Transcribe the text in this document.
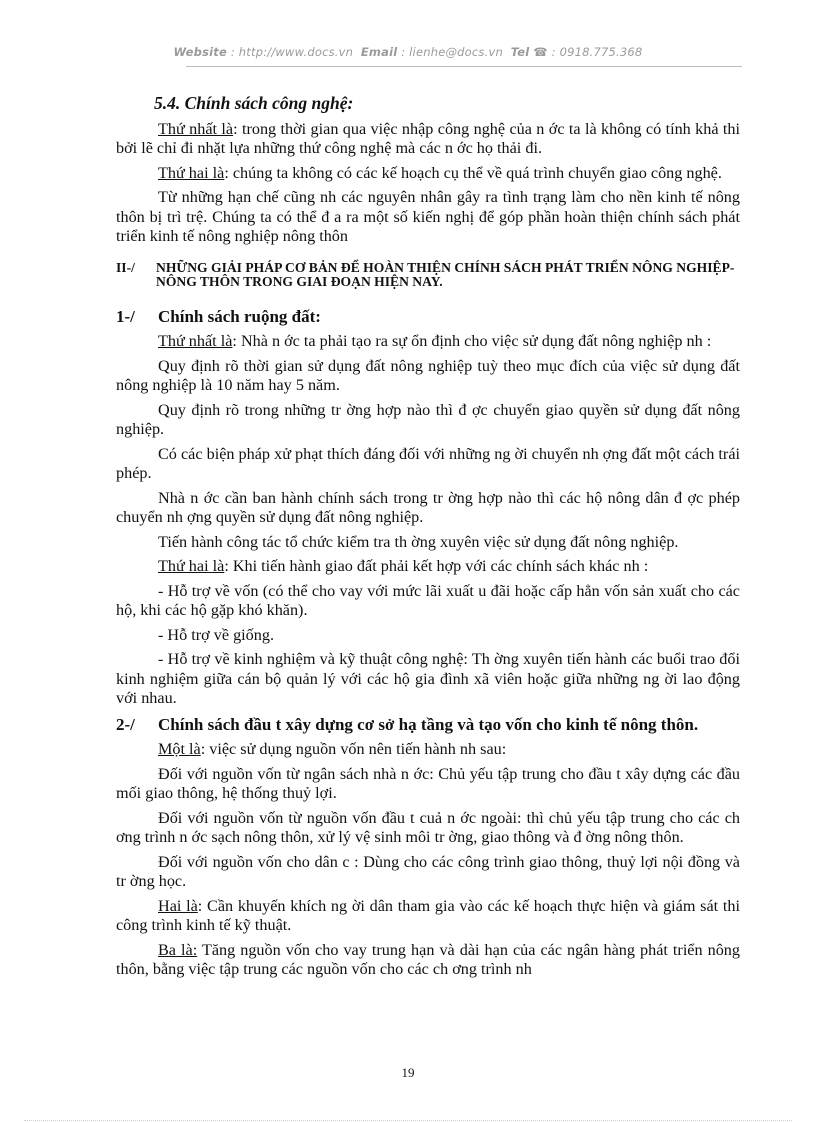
Website : http://www.docs.vn Email : lienhe@docs.vn Tel ☎ : 0918.775.368
5.4. Chính sách công nghệ:

Thứ nhất là: trong thời gian qua việc nhập công nghệ của n ớc ta là không có tính khả thi bởi lẽ chỉ đi nhặt lựa những thứ công nghệ mà các n ớc họ thải đi.

Thứ hai là: chúng ta không có các kế hoạch cụ thể về quá trình chuyển giao công nghệ.

Từ những hạn chế cũng nh các nguyên nhân gây ra tình trạng làm cho nền kinh tế nông thôn bị trì trệ. Chúng ta có thể đ a ra một số kiến nghị để góp phần hoàn thiện chính sách phát triển kinh tế nông nghiệp nông thôn

II-/	NHỮNG GIẢI PHÁP CƠ BẢN ĐỂ HOÀN THIỆN CHÍNH SÁCH PHÁT TRIỂN NÔNG NGHIỆP- NÔNG THÔN TRONG GIAI ĐOẠN HIỆN NAY.
1-/	Chính sách ruộng đất:

Thứ nhất là: Nhà n ớc ta phải tạo ra sự ổn định cho việc sử dụng đất nông nghiệp nh :

Quy định rõ thời gian sử dụng đất nông nghiệp tuỳ theo mục đích của việc sử dụng đất nông nghiệp là 10 năm hay 5 năm.

Quy định rõ trong những tr ờng hợp nào thì đ ợc chuyển giao quyền sử dụng đất nông nghiệp.

Có các biện pháp xử phạt thích đáng đối với những ng ời chuyển nh ợng đất một cách trái phép.

Nhà n ớc cần ban hành chính sách trong tr ờng hợp nào thì các hộ nông dân đ ợc phép chuyển nh ợng quyền sử dụng đất nông nghiệp.

Tiến hành công tác tổ chức kiểm tra th ờng xuyên việc sử dụng đất nông nghiệp.

Thứ hai là: Khi tiến hành giao đất phải kết hợp với các chính sách khác nh :

- Hỗ trợ về vốn (có thể cho vay với mức lãi xuất u đãi hoặc cấp hẳn vốn sản xuất cho các hộ, khi các hộ gặp khó khăn).

- Hỗ trợ về giống.

- Hỗ trợ về kinh nghiệm và kỹ thuật công nghệ: Th ờng xuyên tiến hành các buổi trao đổi kinh nghiệm giữa cán bộ quản lý với các hộ gia đình xã viên hoặc giữa những ng ời lao động với nhau.

2-/	Chính sách đầu t xây dựng cơ sở hạ tầng và tạo vốn cho kinh tế nông thôn.

Một là: việc sử dụng nguồn vốn nên tiến hành nh sau:

Đối với nguồn vốn từ ngân sách nhà n ớc: Chủ yếu tập trung cho đầu t xây dựng các đầu mối giao thông, hệ thống thuỷ lợi.

Đối với nguồn vốn từ nguồn vốn đầu t cuả n ớc ngoài: thì chủ yếu tập trung cho các ch ơng trình n ớc sạch nông thôn, xử lý vệ sinh môi tr ờng, giao thông và đ ờng nông thôn.

Đối với nguồn vốn cho dân c : Dùng cho các công trình giao thông, thuỷ lợi nội đồng và tr ờng học.

Hai là: Cần khuyến khích ng ời dân tham gia vào các kế hoạch thực hiện và giám sát thi công trình kinh tế kỹ thuật.

Ba là: Tăng nguồn vốn cho vay trung hạn và dài hạn của các ngân hàng phát triển nông thôn, bằng việc tập trung các nguồn vốn cho các ch ơng trình nh

19
